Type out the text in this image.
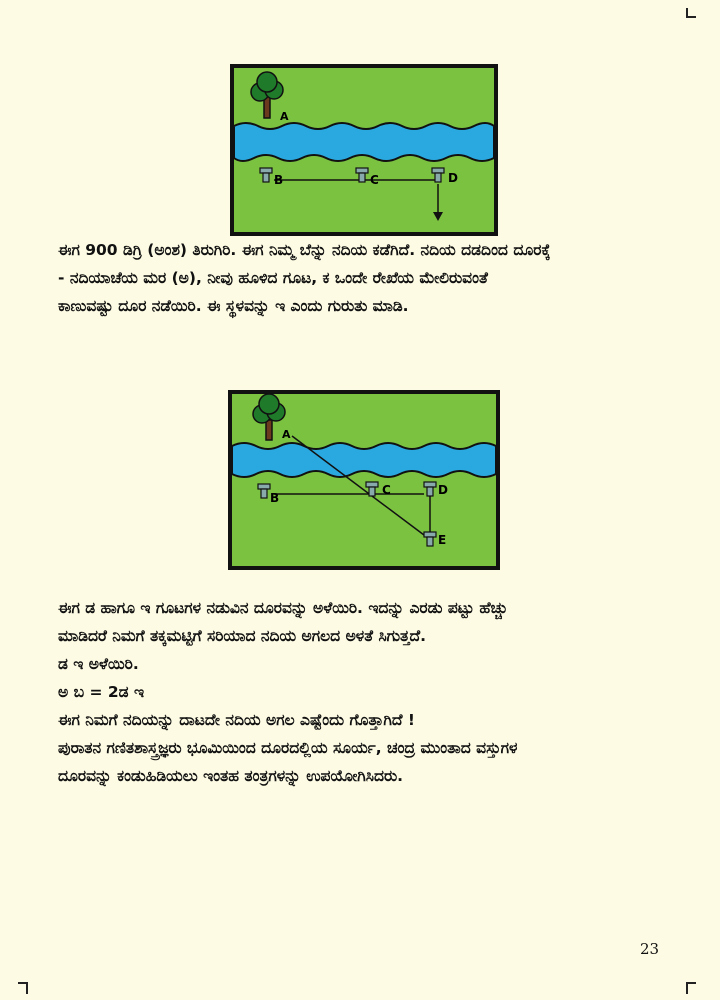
A
B	C	D
ಈಗ 900 ಡಿಗ್ರಿ (ಅಂಶ) ತಿರುಗಿರಿ. ಈಗ ನಿಮ್ಮ ಬೆನ್ನು ನದಿಯ ಕಡೆಗಿದೆ. ನದಿಯ ದಡದಿಂದ ದೂರಕ್ಕೆ
- ನದಿಯಾಚೆಯ ಮರ (ಅ), ನೀವು ಹೂಳಿದ ಗೂಟ, ಕ ಒಂದೇ ರೇಖೆಯ ಮೇಲಿರುವಂತೆ
ಕಾಣುವಷ್ಟು ದೂರ ನಡೆಯಿರಿ. ಈ ಸ್ಥಳವನ್ನು ಇ ಎಂದು ಗುರುತು ಮಾಡಿ.
A
B
C	D
E
ಈಗ ಡ ಹಾಗೂ ಇ ಗೂಟಗಳ ನಡುವಿನ ದೂರವನ್ನು ಅಳೆಯಿರಿ. ಇದನ್ನು ಎರಡು ಪಟ್ಟು ಹೆಚ್ಚು
ಮಾಡಿದರೆ ನಿಮಗೆ ತಕ್ಕಮಟ್ಟಿಗೆ ಸರಿಯಾದ ನದಿಯ ಅಗಲದ ಅಳತೆ ಸಿಗುತ್ತದೆ.
ಡ ಇ ಅಳೆಯಿರಿ.
ಅ ಬ = 2ಡ ಇ
ಈಗ ನಿಮಗೆ ನದಿಯನ್ನು ದಾಟದೇ ನದಿಯ ಅಗಲ ಎಷ್ಟೆಂದು ಗೊತ್ತಾಗಿದೆ !
ಪುರಾತನ ಗಣಿತಶಾಸ್ತ್ರಜ್ಞರು ಭೂಮಿಯಿಂದ ದೂರದಲ್ಲಿಯ ಸೂರ್ಯ, ಚಂದ್ರ ಮುಂತಾದ ವಸ್ತುಗಳ
ದೂರವನ್ನು ಕಂಡುಹಿಡಿಯಲು ಇಂತಹ ತಂತ್ರಗಳನ್ನು ಉಪಯೋಗಿಸಿದರು.
23
